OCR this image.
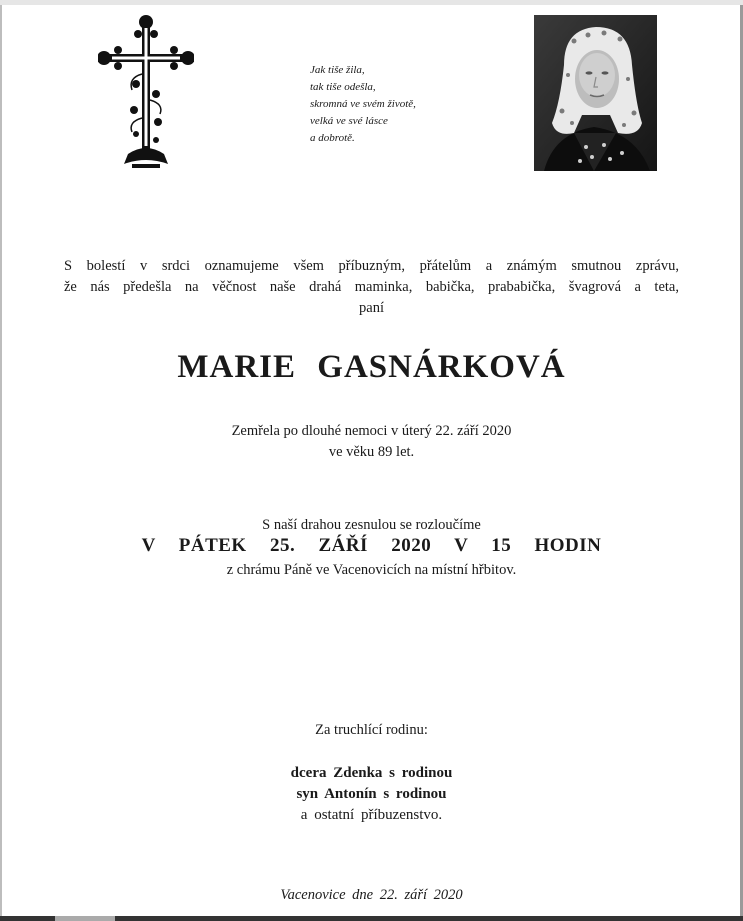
Jak tiše žila,
tak tiše odešla,
skromná ve svém životě,
velká ve své lásce
a dobrotě.
S bolestí v srdci oznamujeme všem příbuzným, přátelům a známým smutnou zprávu,
že nás předešla na věčnost naše drahá maminka, babička, prababička, švagrová a teta,
paní
MARIE GASNÁRKOVÁ
Zemřela po dlouhé nemoci v úterý 22. září 2020
ve věku 89 let.
S naší drahou zesnulou se rozloučíme
V PÁTEK 25. ZÁŘÍ 2020 V 15 HODIN
z chrámu Páně ve Vacenovicích na místní hřbitov.
Za truchlící rodinu:
dcera Zdenka s rodinou
syn Antonín s rodinou
a ostatní příbuzenstvo.
Vacenovice dne 22. září 2020
